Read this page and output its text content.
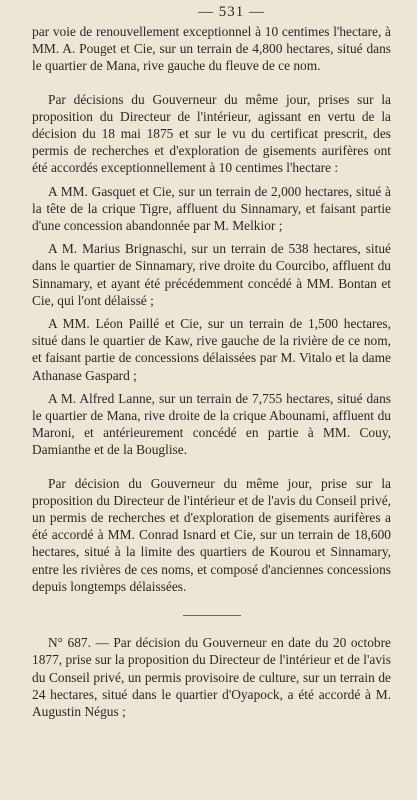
— 531 —

par voie de renouvellement exceptionnel à 10 centimes l'hectare, à MM. A. Pouget et Cie, sur un terrain de 4,800 hectares, situé dans le quartier de Mana, rive gauche du fleuve de ce nom.

Par décisions du Gouverneur du même jour, prises sur la proposition du Directeur de l'intérieur, agissant en vertu de la décision du 18 mai 1875 et sur le vu du certificat prescrit, des permis de recherches et d'exploration de gisements aurifères ont été accordés exceptionnellement à 10 centimes l'hectare :

A MM. Gasquet et Cie, sur un terrain de 2,000 hectares, situé à la tête de la crique Tigre, affluent du Sinnamary, et faisant partie d'une concession abandonnée par M. Melkior ;

A M. Marius Brignaschi, sur un terrain de 538 hectares, situé dans le quartier de Sinnamary, rive droite du Courcibo, affluent du Sinnamary, et ayant été précédemment concédé à MM. Bontan et Cie, qui l'ont délaissé ;

A MM. Léon Paillé et Cie, sur un terrain de 1,500 hectares, situé dans le quartier de Kaw, rive gauche de la rivière de ce nom, et faisant partie de concessions délaissées par M. Vitalo et la dame Athanase Gaspard ;

A M. Alfred Lanne, sur un terrain de 7,755 hectares, situé dans le quartier de Mana, rive droite de la crique Abounami, affluent du Maroni, et antérieurement concédé en partie à MM. Couy, Damianthe et de la Bouglise.

Par décision du Gouverneur du même jour, prise sur la proposition du Directeur de l'intérieur et de l'avis du Conseil privé, un permis de recherches et d'exploration de gisements aurifères a été accordé à MM. Conrad Isnard et Cie, sur un terrain de 18,600 hectares, situé à la limite des quartiers de Kourou et Sinnamary, entre les rivières de ces noms, et composé d'anciennes concessions depuis longtemps délaissées.

N° 687. — Par décision du Gouverneur en date du 20 octobre 1877, prise sur la proposition du Directeur de l'intérieur et de l'avis du Conseil privé, un permis provisoire de culture, sur un terrain de 24 hectares, situé dans le quartier d'Oyapock, a été accordé à M. Augustin Négus ;
